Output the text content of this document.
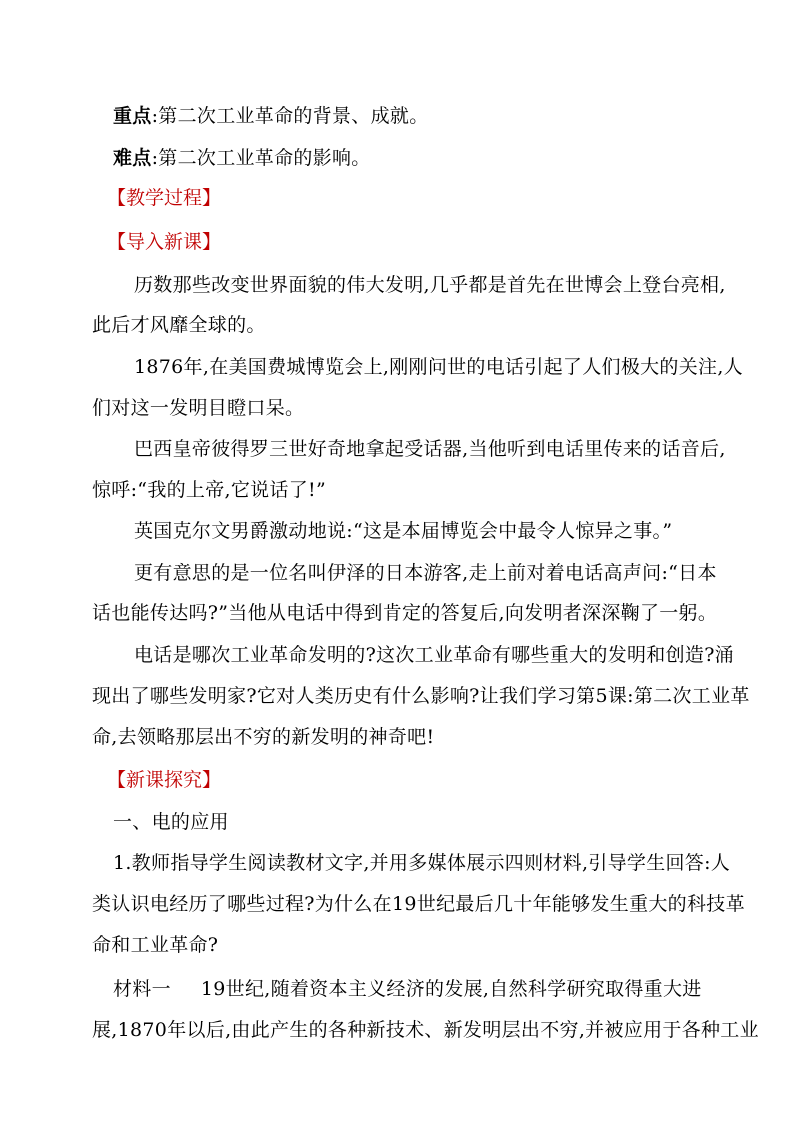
重点:第二次工业革命的背景、成就。
难点:第二次工业革命的影响。
【教学过程】
【导入新课】
历数那些改变世界面貌的伟大发明,几乎都是首先在世博会上登台亮相,
此后才风靡全球的。
1876年,在美国费城博览会上,刚刚问世的电话引起了人们极大的关注,人
们对这一发明目瞪口呆。
巴西皇帝彼得罗三世好奇地拿起受话器,当他听到电话里传来的话音后,
惊呼:“我的上帝,它说话了!”
英国克尔文男爵激动地说:“这是本届博览会中最令人惊异之事。”
更有意思的是一位名叫伊泽的日本游客,走上前对着电话高声问:“日本
话也能传达吗?”当他从电话中得到肯定的答复后,向发明者深深鞠了一躬。
电话是哪次工业革命发明的?这次工业革命有哪些重大的发明和创造?涌
现出了哪些发明家?它对人类历史有什么影响?让我们学习第5课:第二次工业革
命,去领略那层出不穷的新发明的神奇吧!
【新课探究】
一、电的应用
1.教师指导学生阅读教材文字,并用多媒体展示四则材料,引导学生回答:人
类认识电经历了哪些过程?为什么在19世纪最后几十年能够发生重大的科技革
命和工业革命?
材料一 19世纪,随着资本主义经济的发展,自然科学研究取得重大进
展,1870年以后,由此产生的各种新技术、新发明层出不穷,并被应用于各种工业
